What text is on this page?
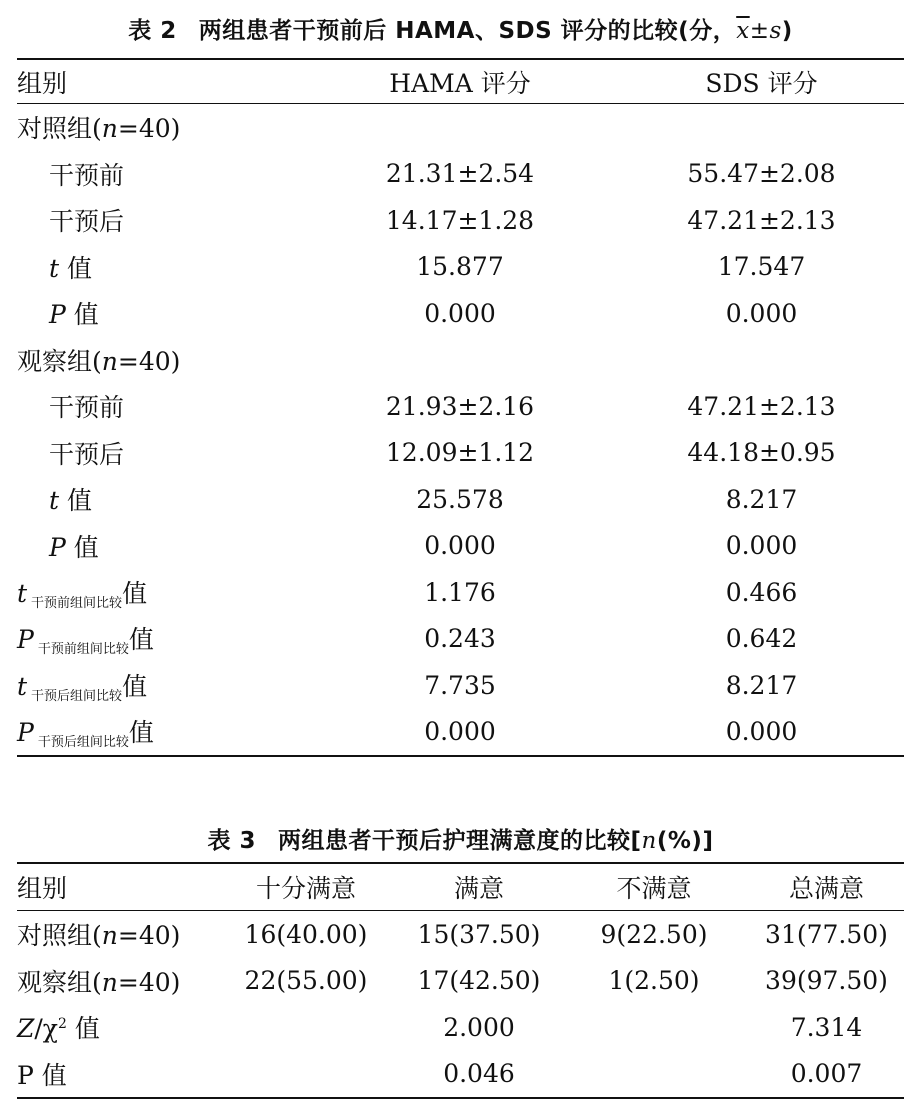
表 2 两组患者干预前后 HAMA、SDS 评分的比较(分，$\overline{x}\pm s$)
组别	HAMA 评分	SDS 评分
对照组(n=40)		
干预前	21.31±2.54	55.47±2.08
干预后	14.17±1.28	47.21±2.13
t 值	15.877	17.547
P 值	0.000	0.000
观察组(n=40)		
干预前	21.93±2.16	47.21±2.13
干预后	12.09±1.12	44.18±0.95
t 值	25.578	8.217
P 值	0.000	0.000
t $_{干预前组间比较}$值	1.176	0.466
P $_{干预前组间比较}$值	0.243	0.642
t $_{干预后组间比较}$值	7.735	8.217
P $_{干预后组间比较}$值	0.000	0.000
表 3 两组患者干预后护理满意度的比较[n(%)]
组别	十分满意	满意	不满意	总满意
对照组(n=40)	16(40.00)	15(37.50)	9(22.50)	31(77.50)
观察组(n=40)	22(55.00)	17(42.50)	1(2.50)	39(97.50)
$Z/\chi^2$ 值		2.000		7.314
P 值		0.046		0.007
